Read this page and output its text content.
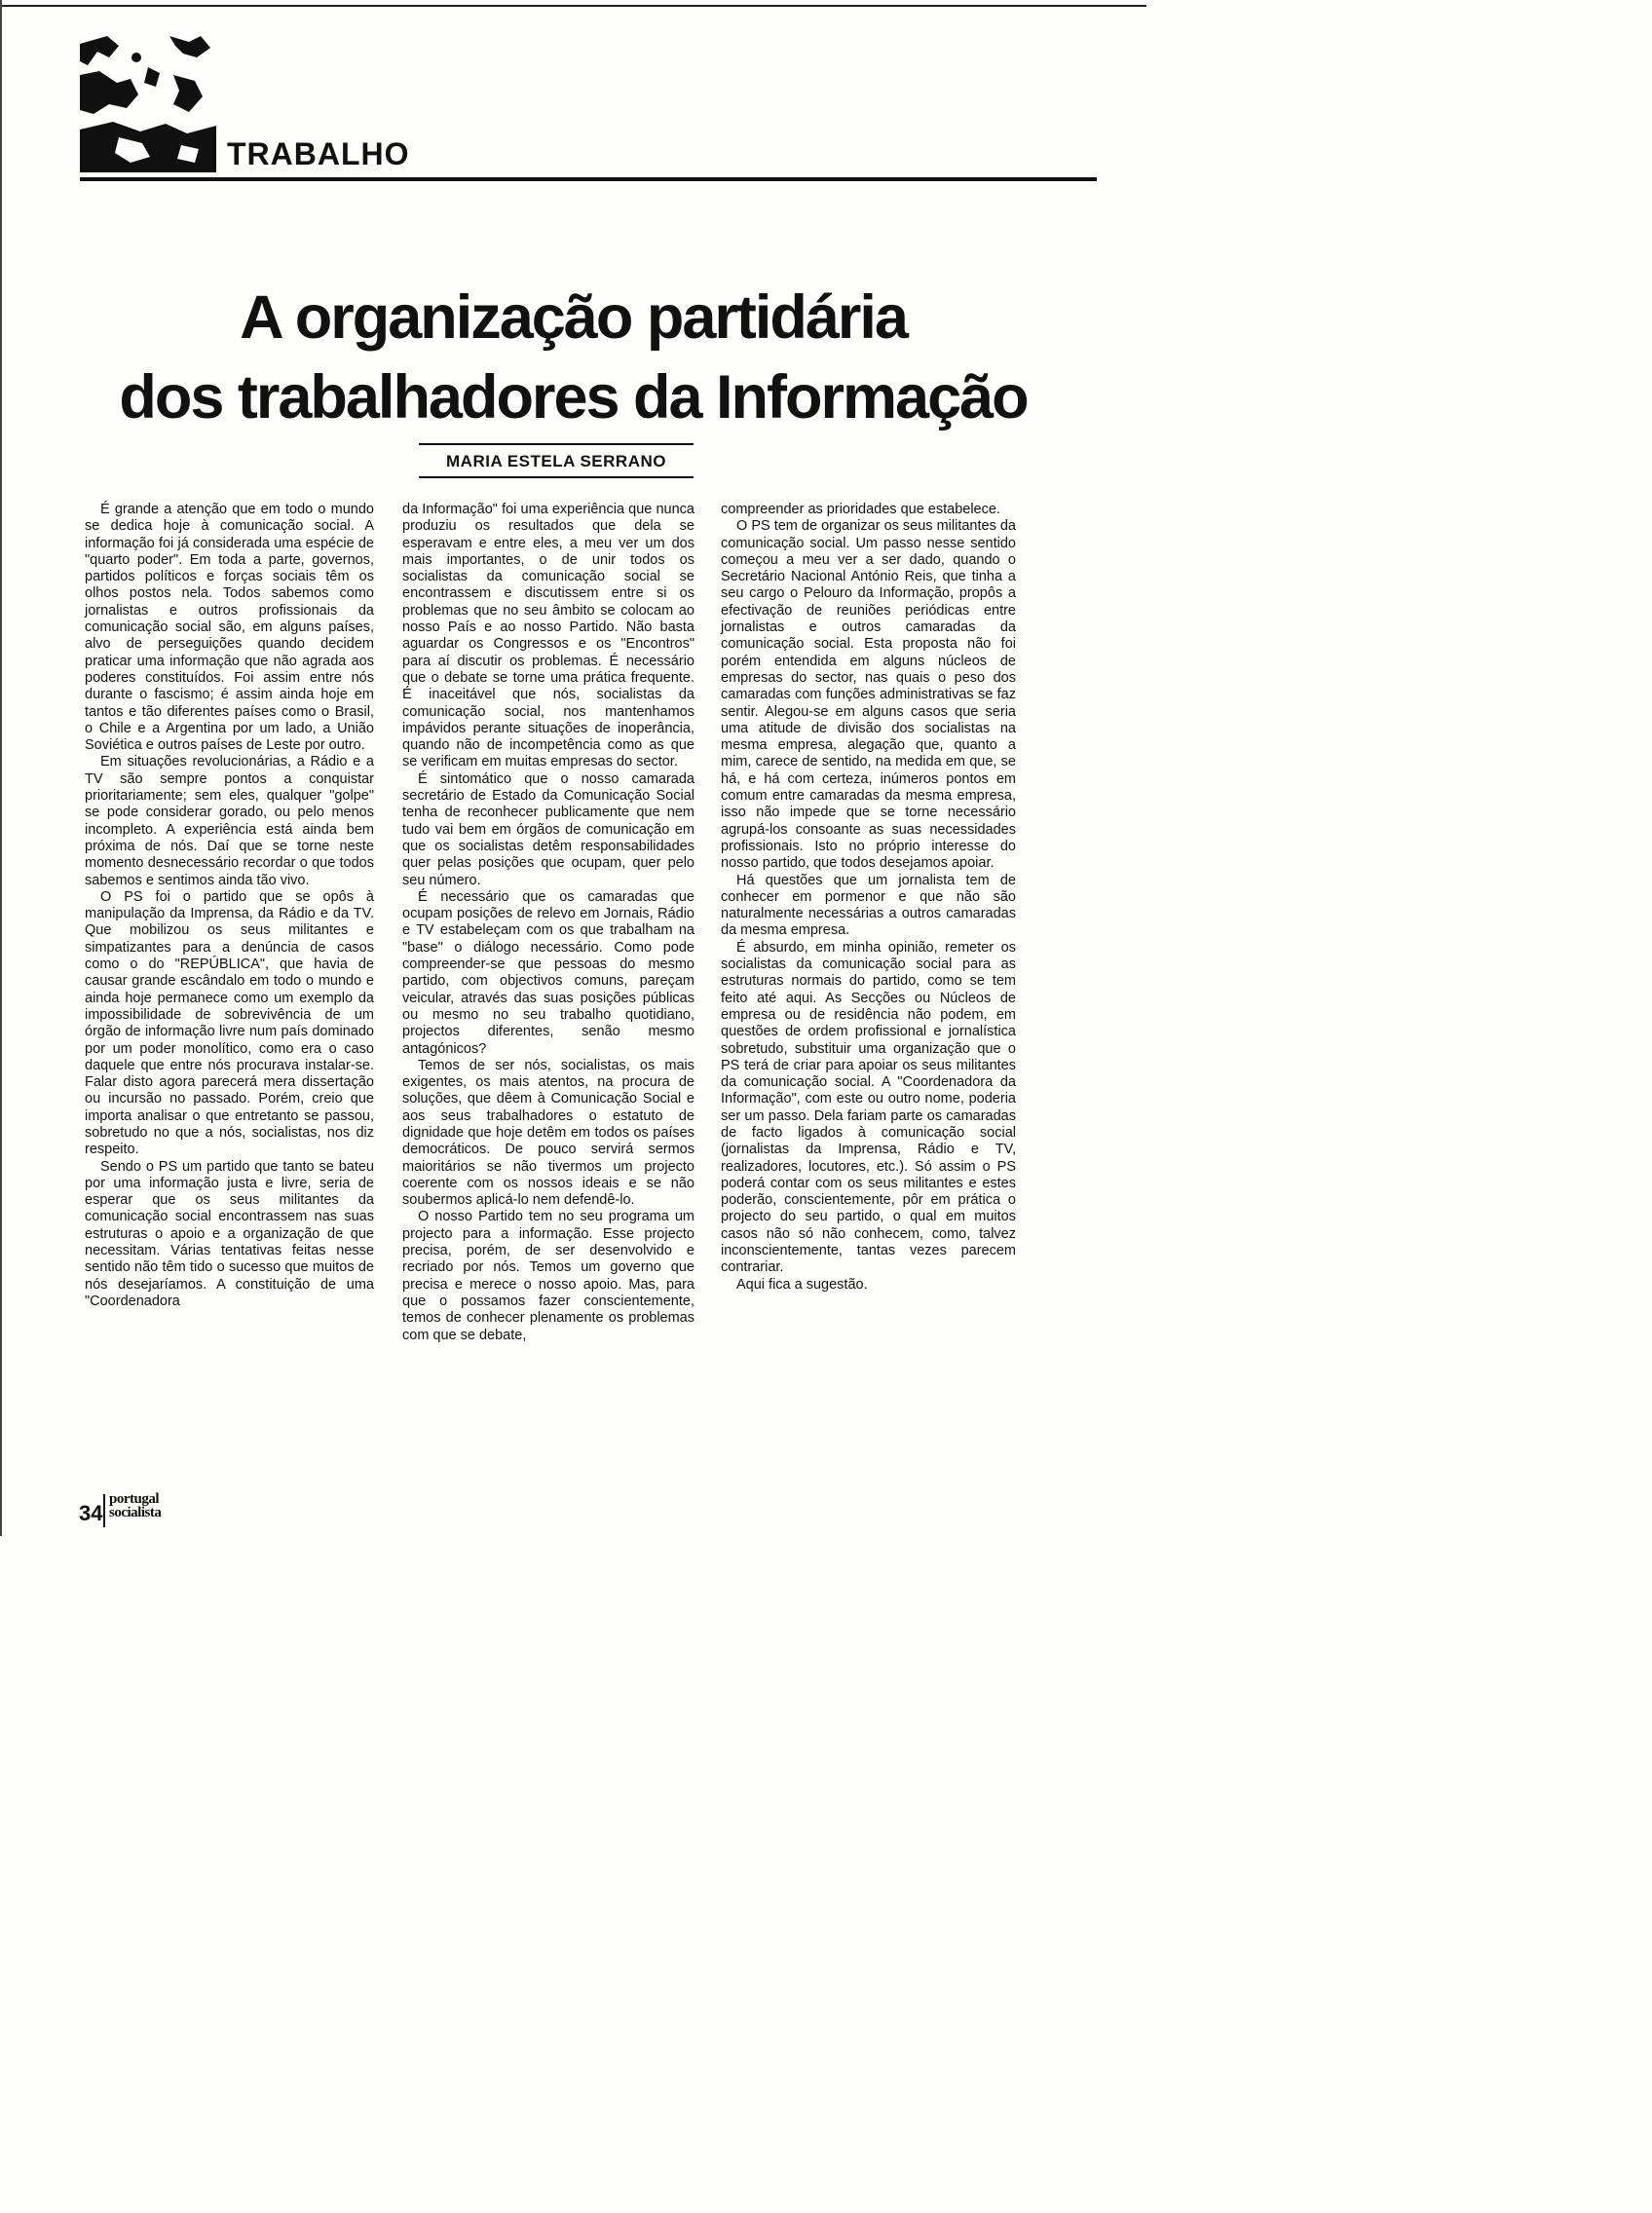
TRABALHO
A organização partidária
dos trabalhadores da Informação
MARIA ESTELA SERRANO

É grande a atenção que em todo o mundo se dedica hoje à comunicação social. A informação foi já considerada uma espécie de "quarto poder". Em toda a parte, governos, partidos políticos e forças sociais têm os olhos postos nela. Todos sabemos como jornalistas e outros profissionais da comunicação social são, em alguns países, alvo de perseguições quando decidem praticar uma informação que não agrada aos poderes constituídos. Foi assim entre nós durante o fascismo; é assim ainda hoje em tantos e tão diferentes países como o Brasil, o Chile e a Argentina por um lado, a União Soviética e outros países de Leste por outro.

Em situações revolucionárias, a Rádio e a TV são sempre pontos a conquistar prioritariamente; sem eles, qualquer "golpe" se pode considerar gorado, ou pelo menos incompleto. A experiência está ainda bem próxima de nós. Daí que se torne neste momento desnecessário recordar o que todos sabemos e sentimos ainda tão vivo.

O PS foi o partido que se opôs à manipulação da Imprensa, da Rádio e da TV. Que mobilizou os seus militantes e simpatizantes para a denúncia de casos como o do "REPÚBLICA", que havia de causar grande escândalo em todo o mundo e ainda hoje permanece como um exemplo da impossibilidade de sobrevivência de um órgão de informação livre num país dominado por um poder monolítico, como era o caso daquele que entre nós procurava instalar-se. Falar disto agora parecerá mera dissertação ou incursão no passado. Porém, creio que importa analisar o que entretanto se passou, sobretudo no que a nós, socialistas, nos diz respeito.

Sendo o PS um partido que tanto se bateu por uma informação justa e livre, seria de esperar que os seus militantes da comunicação social encontrassem nas suas estruturas o apoio e a organização de que necessitam. Várias tentativas feitas nesse sentido não têm tido o sucesso que muitos de nós desejaríamos. A constituição de uma "Coordenadora

da Informação" foi uma experiência que nunca produziu os resultados que dela se esperavam e entre eles, a meu ver um dos mais importantes, o de unir todos os socialistas da comunicação social se encontrassem e discutissem entre si os problemas que no seu âmbito se colocam ao nosso País e ao nosso Partido. Não basta aguardar os Congressos e os "Encontros" para aí discutir os problemas. É necessário que o debate se torne uma prática frequente. É inaceitável que nós, socialistas da comunicação social, nos mantenhamos impávidos perante situações de inoperância, quando não de incompetência como as que se verificam em muitas empresas do sector.

É sintomático que o nosso camarada secretário de Estado da Comunicação Social tenha de reconhecer publicamente que nem tudo vai bem em órgãos de comunicação em que os socialistas detêm responsabilidades quer pelas posições que ocupam, quer pelo seu número.

É necessário que os camaradas que ocupam posições de relevo em Jornais, Rádio e TV estabeleçam com os que trabalham na "base" o diálogo necessário. Como pode compreender-se que pessoas do mesmo partido, com objectivos comuns, pareçam veicular, através das suas posições públicas ou mesmo no seu trabalho quotidiano, projectos diferentes, senão mesmo antagónicos?

Temos de ser nós, socialistas, os mais exigentes, os mais atentos, na procura de soluções, que dêem à Comunicação Social e aos seus trabalhadores o estatuto de dignidade que hoje detêm em todos os países democráticos. De pouco servirá sermos maioritários se não tivermos um projecto coerente com os nossos ideais e se não soubermos aplicá-lo nem defendê-lo.

O nosso Partido tem no seu programa um projecto para a informação. Esse projecto precisa, porém, de ser desenvolvido e recriado por nós. Temos um governo que precisa e merece o nosso apoio. Mas, para que o possamos fazer conscientemente, temos de conhecer plenamente os problemas com que se debate,

compreender as prioridades que estabelece.

O PS tem de organizar os seus militantes da comunicação social. Um passo nesse sentido começou a meu ver a ser dado, quando o Secretário Nacional António Reis, que tinha a seu cargo o Pelouro da Informação, propôs a efectivação de reuniões periódicas entre jornalistas e outros camaradas da comunicação social. Esta proposta não foi porém entendida em alguns núcleos de empresas do sector, nas quais o peso dos camaradas com funções administrativas se faz sentir. Alegou-se em alguns casos que seria uma atitude de divisão dos socialistas na mesma empresa, alegação que, quanto a mim, carece de sentido, na medida em que, se há, e há com certeza, inúmeros pontos em comum entre camaradas da mesma empresa, isso não impede que se torne necessário agrupá-los consoante as suas necessidades profissionais. Isto no próprio interesse do nosso partido, que todos desejamos apoiar.

Há questões que um jornalista tem de conhecer em pormenor e que não são naturalmente necessárias a outros camaradas da mesma empresa.

É absurdo, em minha opinião, remeter os socialistas da comunicação social para as estruturas normais do partido, como se tem feito até aqui. As Secções ou Núcleos de empresa ou de residência não podem, em questões de ordem profissional e jornalística sobretudo, substituir uma organização que o PS terá de criar para apoiar os seus militantes da comunicação social. A "Coordenadora da Informação", com este ou outro nome, poderia ser um passo. Dela fariam parte os camaradas de facto ligados à comunicação social (jornalistas da Imprensa, Rádio e TV, realizadores, locutores, etc.). Só assim o PS poderá contar com os seus militantes e estes poderão, conscientemente, pôr em prática o projecto do seu partido, o qual em muitos casos não só não conhecem, como, talvez inconscientemente, tantas vezes parecem contrariar.

Aqui fica a sugestão.

34
portugal
socialista
